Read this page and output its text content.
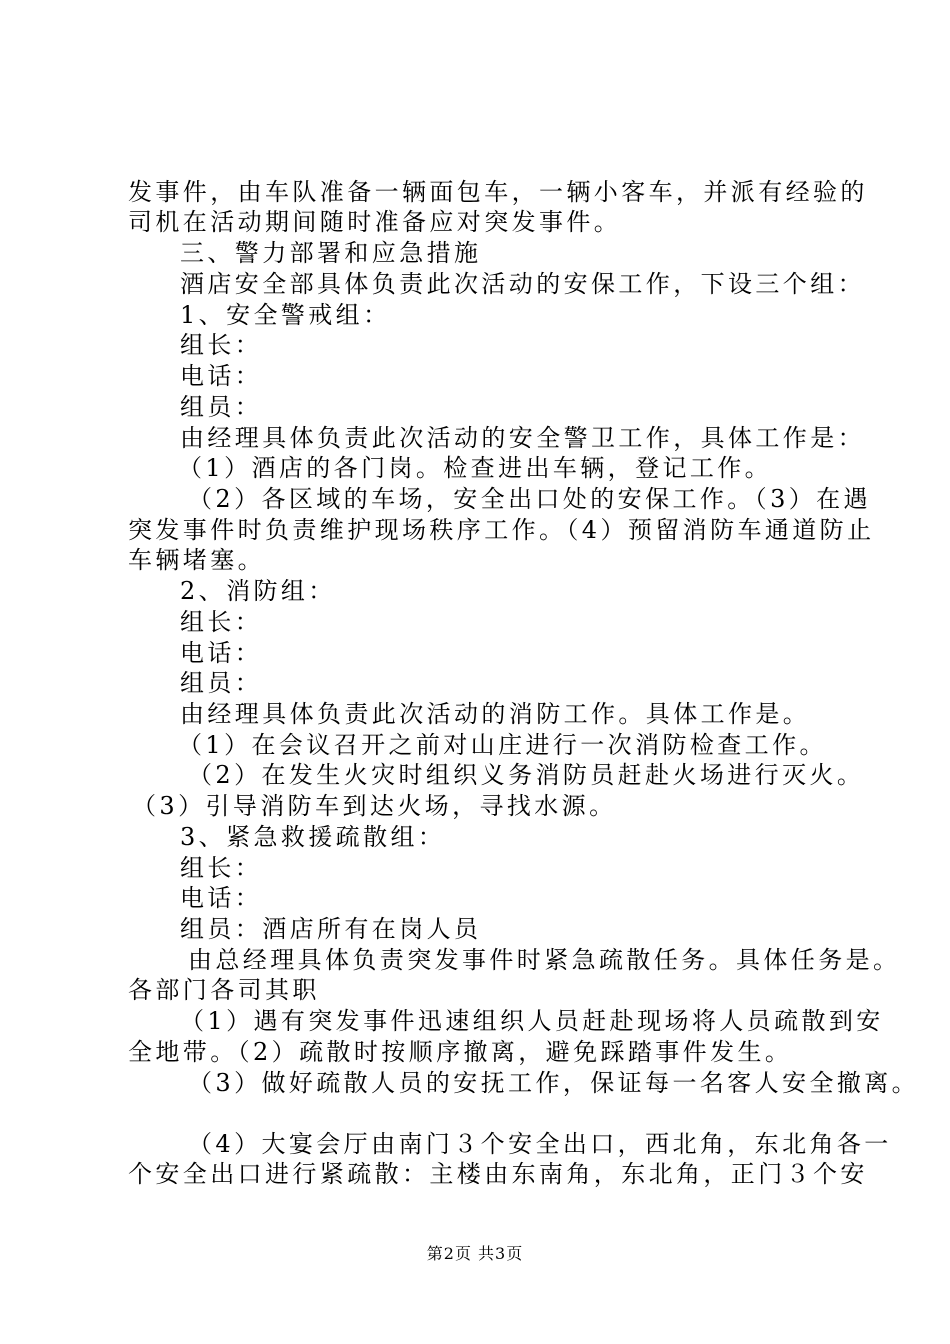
发事件，由车队准备一辆面包车，一辆小客车，并派有经验的
司机在活动期间随时准备应对突发事件。
三、警力部署和应急措施
酒店安全部具体负责此次活动的安保工作，下设三个组：
1、安全警戒组：
组长：
电话：
组员：
由经理具体负责此次活动的安全警卫工作，具体工作是：
（1）酒店的各门岗。检查进出车辆，登记工作。
（2）各区域的车场，安全出口处的安保工作。（3）在遇
突发事件时负责维护现场秩序工作。（4）预留消防车通道防止
车辆堵塞。
2、消防组：
组长：
电话：
组员：
由经理具体负责此次活动的消防工作。具体工作是。
（1）在会议召开之前对山庄进行一次消防检查工作。
（2）在发生火灾时组织义务消防员赶赴火场进行灭火。
（3）引导消防车到达火场，寻找水源。
3、紧急救援疏散组：
组长：
电话：
组员：酒店所有在岗人员
由总经理具体负责突发事件时紧急疏散任务。具体任务是。
各部门各司其职
（1）遇有突发事件迅速组织人员赶赴现场将人员疏散到安
全地带。（2）疏散时按顺序撤离，避免踩踏事件发生。
（3）做好疏散人员的安抚工作，保证每一名客人安全撤离。
（4）大宴会厅由南门３个安全出口，西北角，东北角各一
个安全出口进行紧疏散：主楼由东南角，东北角，正门３个安
第2页 共3页
